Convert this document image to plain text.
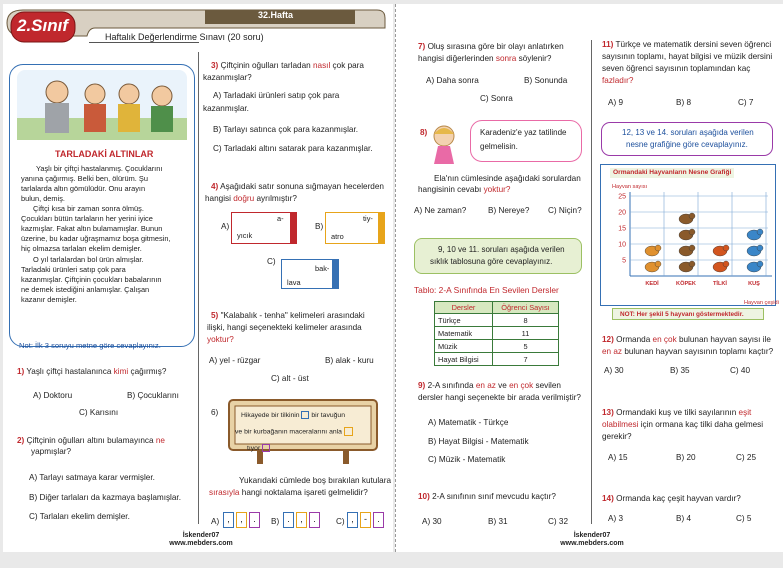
2.Sınıf
32.Hafta
Haftalık Değerlendirme Sınavı (20 soru)
TARLADAKİ ALTINLAR
Yaşlı bir çiftçi hastalanmış. Çocuklarını
yanına çağırmış. Belki ben, ölürüm. Şu
tarlalarda altın gömülüdür. Onu arayın
bulun, demiş.
Çiftçi kısa bir zaman sonra ölmüş.
Çocukları bütün tarlaların her yerini iyice
kazmışlar. Fakat altın bulamamışlar. Bunun
üzerine, bu kadar uğraşmamız boşa gitmesin,
hiç olmazsa tarlaları ekelim demişler.
O yıl tarlalardan bol ürün almışlar.
Tarladaki ürünleri satıp çok para
kazanmışlar. Çiftçinin çocukları babalarının
ne demek istediğini anlamışlar. Çalışan
kazanır demişler.
Not: İlk 3 soruyu metne göre cevaplayınız.
1) Yaşlı çiftçi hastalanınca kimi çağırmış?
A) Doktoru	B) Çocuklarını
C) Karısını
2) Çiftçinin oğulları altını bulamayınca ne
yapmışlar?
A) Tarlayı satmaya karar vermişler.
B) Diğer tarlaları da kazmaya başlamışlar.
C) Tarlaları ekelim demişler.
3) Çiftçinin oğulları tarladan nasıl çok para
kazanmışlar?
A) Tarladaki ürünleri satıp çok para
kazanmışlar.
B) Tarlayı satınca çok para kazanmışlar.
C) Tarladaki altını satarak para kazanmışlar.
4) Aşağıdaki satır sonuna sığmayan hecelerden
hangisi doğru ayrılmıştır?
A)
a-
yıcık
B)
tiy-
atro
C)
bak-
lava
5) "Kalabalık - tenha" kelimeleri arasındaki
ilişki, hangi seçenekteki kelimeler arasında
yoktur?
A) yel - rüzgar	B) alak - kuru
C) alt - üst
6)	Hikayede bir tilkinin bir tavuğun
ve bir kurbağanın maceralarını anla
tıyor
Yukarıdaki cümlede boş bırakılan kutulara
sırasıyla hangi noktalama işareti gelmelidir?
A) ,	,	.	B) .	,	.	C) ,	-	.
İskender07
www.mebders.com
7) Oluş sırasına göre bir olayı anlatırken
hangisi diğerlerinden sonra söylenir?
A) Daha sonra	B) Sonunda
C) Sonra
8)	Karadeniz'e yaz tatilinde
gelmelisin.
Ela'nın cümlesinde aşağıdaki sorulardan
hangisinin cevabı yoktur?
A) Ne zaman?	B) Nereye? C) Niçin?
9, 10 ve 11. soruları aşağıda verilen
sıklık tablosuna göre cevaplayınız.
Tablo: 2-A Sınıfında En Sevilen Dersler
Dersler	Öğrenci Sayısı
Türkçe	8
Matematik	11
Müzik	5
Hayat Bilgisi	7
9) 2-A sınıfında en az ve en çok sevilen
dersler hangi seçenekte bir arada verilmiştir?
A) Matematik - Türkçe
B) Hayat Bilgisi - Matematik
C) Müzik - Matematik
10) 2-A sınıfının sınıf mevcudu kaçtır?
A) 30	B) 31	C) 32
11) Türkçe ve matematik dersini seven öğrenci
sayısının toplamı, hayat bilgisi ve müzik dersini
seven öğrenci sayısının toplamından kaç
fazladır?
A) 9	B) 8	C) 7
12, 13 ve 14. soruları aşağıda verilen
nesne grafiğine göre cevaplayınız.
Ormandaki Hayvanların Nesne Grafiği
Hayvan sayısı
Hayvan çeşidi
5
10
15
20
25
KEDİ	KÖPEK	TİLKİ	KUŞ
NOT: Her şekil 5 hayvanı göstermektedir.
12) Ormanda en çok bulunan hayvan sayısı ile
en az bulunan hayvan sayısının toplamı kaçtır?
A) 30	B) 35	C) 40
13) Ormandaki kuş ve tilki sayılarının eşit
olabilmesi için ormana kaç tilki daha gelmesi
gerekir?
A) 15	B) 20	C) 25
14) Ormanda kaç çeşit hayvan vardır?
A) 3	B) 4	C) 5
İskender07
www.mebders.com
